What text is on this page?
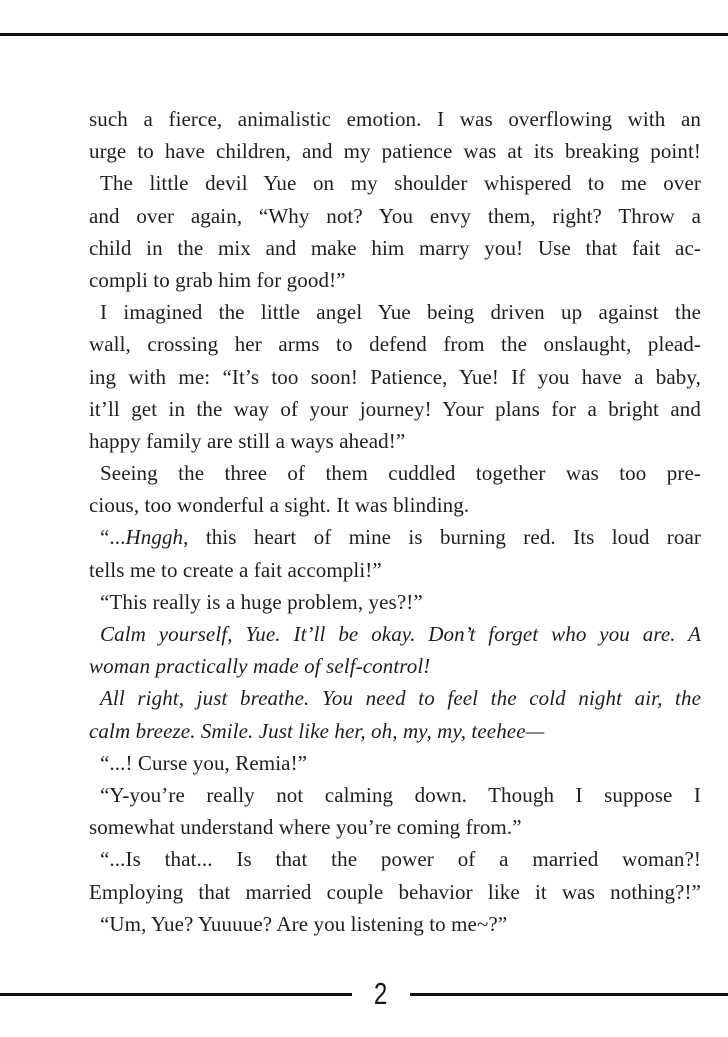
such a fierce, animalistic emotion. I was overflowing with an
urge to have children, and my patience was at its breaking point!
The little devil Yue on my shoulder whispered to me over
and over again, “Why not? You envy them, right? Throw a
child in the mix and make him marry you! Use that fait ac-
compli to grab him for good!”
I imagined the little angel Yue being driven up against the
wall, crossing her arms to defend from the onslaught, plead-
ing with me: “It’s too soon! Patience, Yue! If you have a baby,
it’ll get in the way of your journey! Your plans for a bright and
happy family are still a ways ahead!”
Seeing the three of them cuddled together was too pre-
cious, too wonderful a sight. It was blinding.
“...Hnggh, this heart of mine is burning red. Its loud roar
tells me to create a fait accompli!”
“This really is a huge problem, yes?!”
Calm yourself, Yue. It’ll be okay. Don’t forget who you are. A
woman practically made of self-control!
All right, just breathe. You need to feel the cold night air, the
calm breeze. Smile. Just like her, oh, my, my, teehee—
“...! Curse you, Remia!”
“Y-you’re really not calming down. Though I suppose I
somewhat understand where you’re coming from.”
“...Is that... Is that the power of a married woman?!
Employing that married couple behavior like it was nothing?!”
“Um, Yue? Yuuuue? Are you listening to me~?”
2
